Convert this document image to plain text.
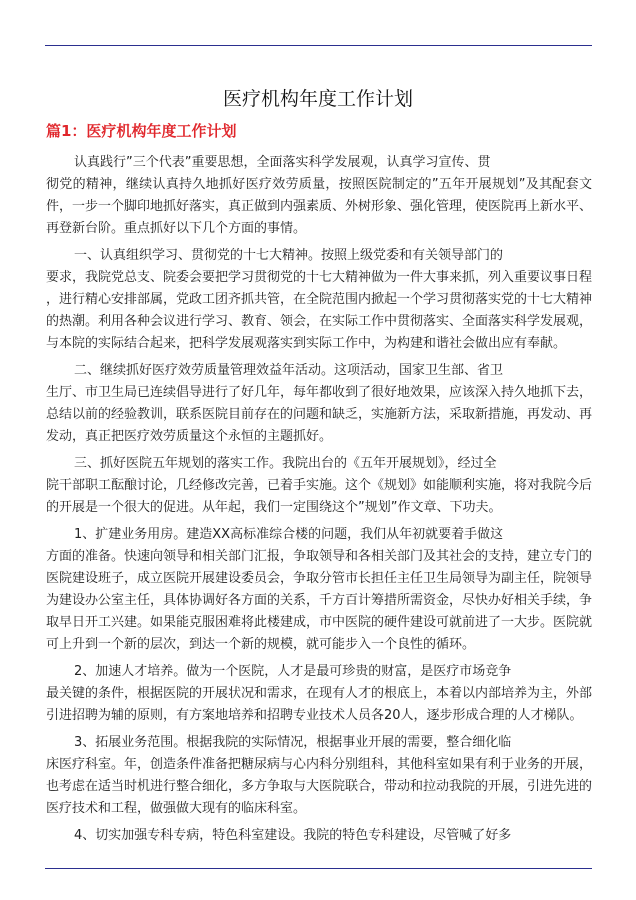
医疗机构年度工作计划
篇1：医疗机构年度工作计划
认真践行”三个代表”重要思想，全面落实科学发展观，认真学习宣传、贯
彻党的精神，继续认真持久地抓好医疗效劳质量，按照医院制定的”五年开展规划”及其配套文
件，一步一个脚印地抓好落实，真正做到内强素质、外树形象、强化管理，使医院再上新水平、
再登新台阶。重点抓好以下几个方面的事情。
一、认真组织学习、贯彻党的十七大精神。按照上级党委和有关领导部门的
要求，我院党总支、院委会要把学习贯彻党的十七大精神做为一件大事来抓，列入重要议事日程
，进行精心安排部属，党政工团齐抓共管，在全院范围内掀起一个学习贯彻落实党的十七大精神
的热潮。利用各种会议进行学习、教育、领会，在实际工作中贯彻落实、全面落实科学发展观，
与本院的实际结合起来，把科学发展观落实到实际工作中，为构建和谐社会做出应有奉献。
二、继续抓好医疗效劳质量管理效益年活动。这项活动，国家卫生部、省卫
生厅、市卫生局已连续倡导进行了好几年，每年都收到了很好地效果，应该深入持久地抓下去，
总结以前的经验教训，联系医院目前存在的问题和缺乏，实施新方法，采取新措施，再发动、再
发动，真正把医疗效劳质量这个永恒的主题抓好。
三、抓好医院五年规划的落实工作。我院出台的《五年开展规划》，经过全
院干部职工酝酿讨论，几经修改完善，已着手实施。这个《规划》如能顺利实施，将对我院今后
的开展是一个很大的促进。从年起，我们一定围绕这个”规划”作文章、下功夫。
1、扩建业务用房。建造XX高标准综合楼的问题，我们从年初就要着手做这
方面的准备。快速向领导和相关部门汇报，争取领导和各相关部门及其社会的支持，建立专门的
医院建设班子，成立医院开展建设委员会，争取分管市长担任主任卫生局领导为副主任，院领导
为建设办公室主任，具体协调好各方面的关系，千方百计筹措所需资金，尽快办好相关手续，争
取早日开工兴建。如果能克服困难将此楼建成，市中医院的硬件建设可就前进了一大步。医院就
可上升到一个新的层次，到达一个新的规模，就可能步入一个良性的循环。
2、加速人才培养。做为一个医院，人才是最可珍贵的财富，是医疗市场竞争
最关键的条件，根据医院的开展状况和需求，在现有人才的根底上，本着以内部培养为主，外部
引进招聘为辅的原则，有方案地培养和招聘专业技术人员各20人，逐步形成合理的人才梯队。
3、拓展业务范围。根据我院的实际情况，根据事业开展的需要，整合细化临
床医疗科室。年，创造条件准备把糖尿病与心内科分别组科，其他科室如果有利于业务的开展，
也考虑在适当时机进行整合细化，多方争取与大医院联合，带动和拉动我院的开展，引进先进的
医疗技术和工程，做强做大现有的临床科室。
4、切实加强专科专病，特色科室建设。我院的特色专科建设，尽管喊了好多
